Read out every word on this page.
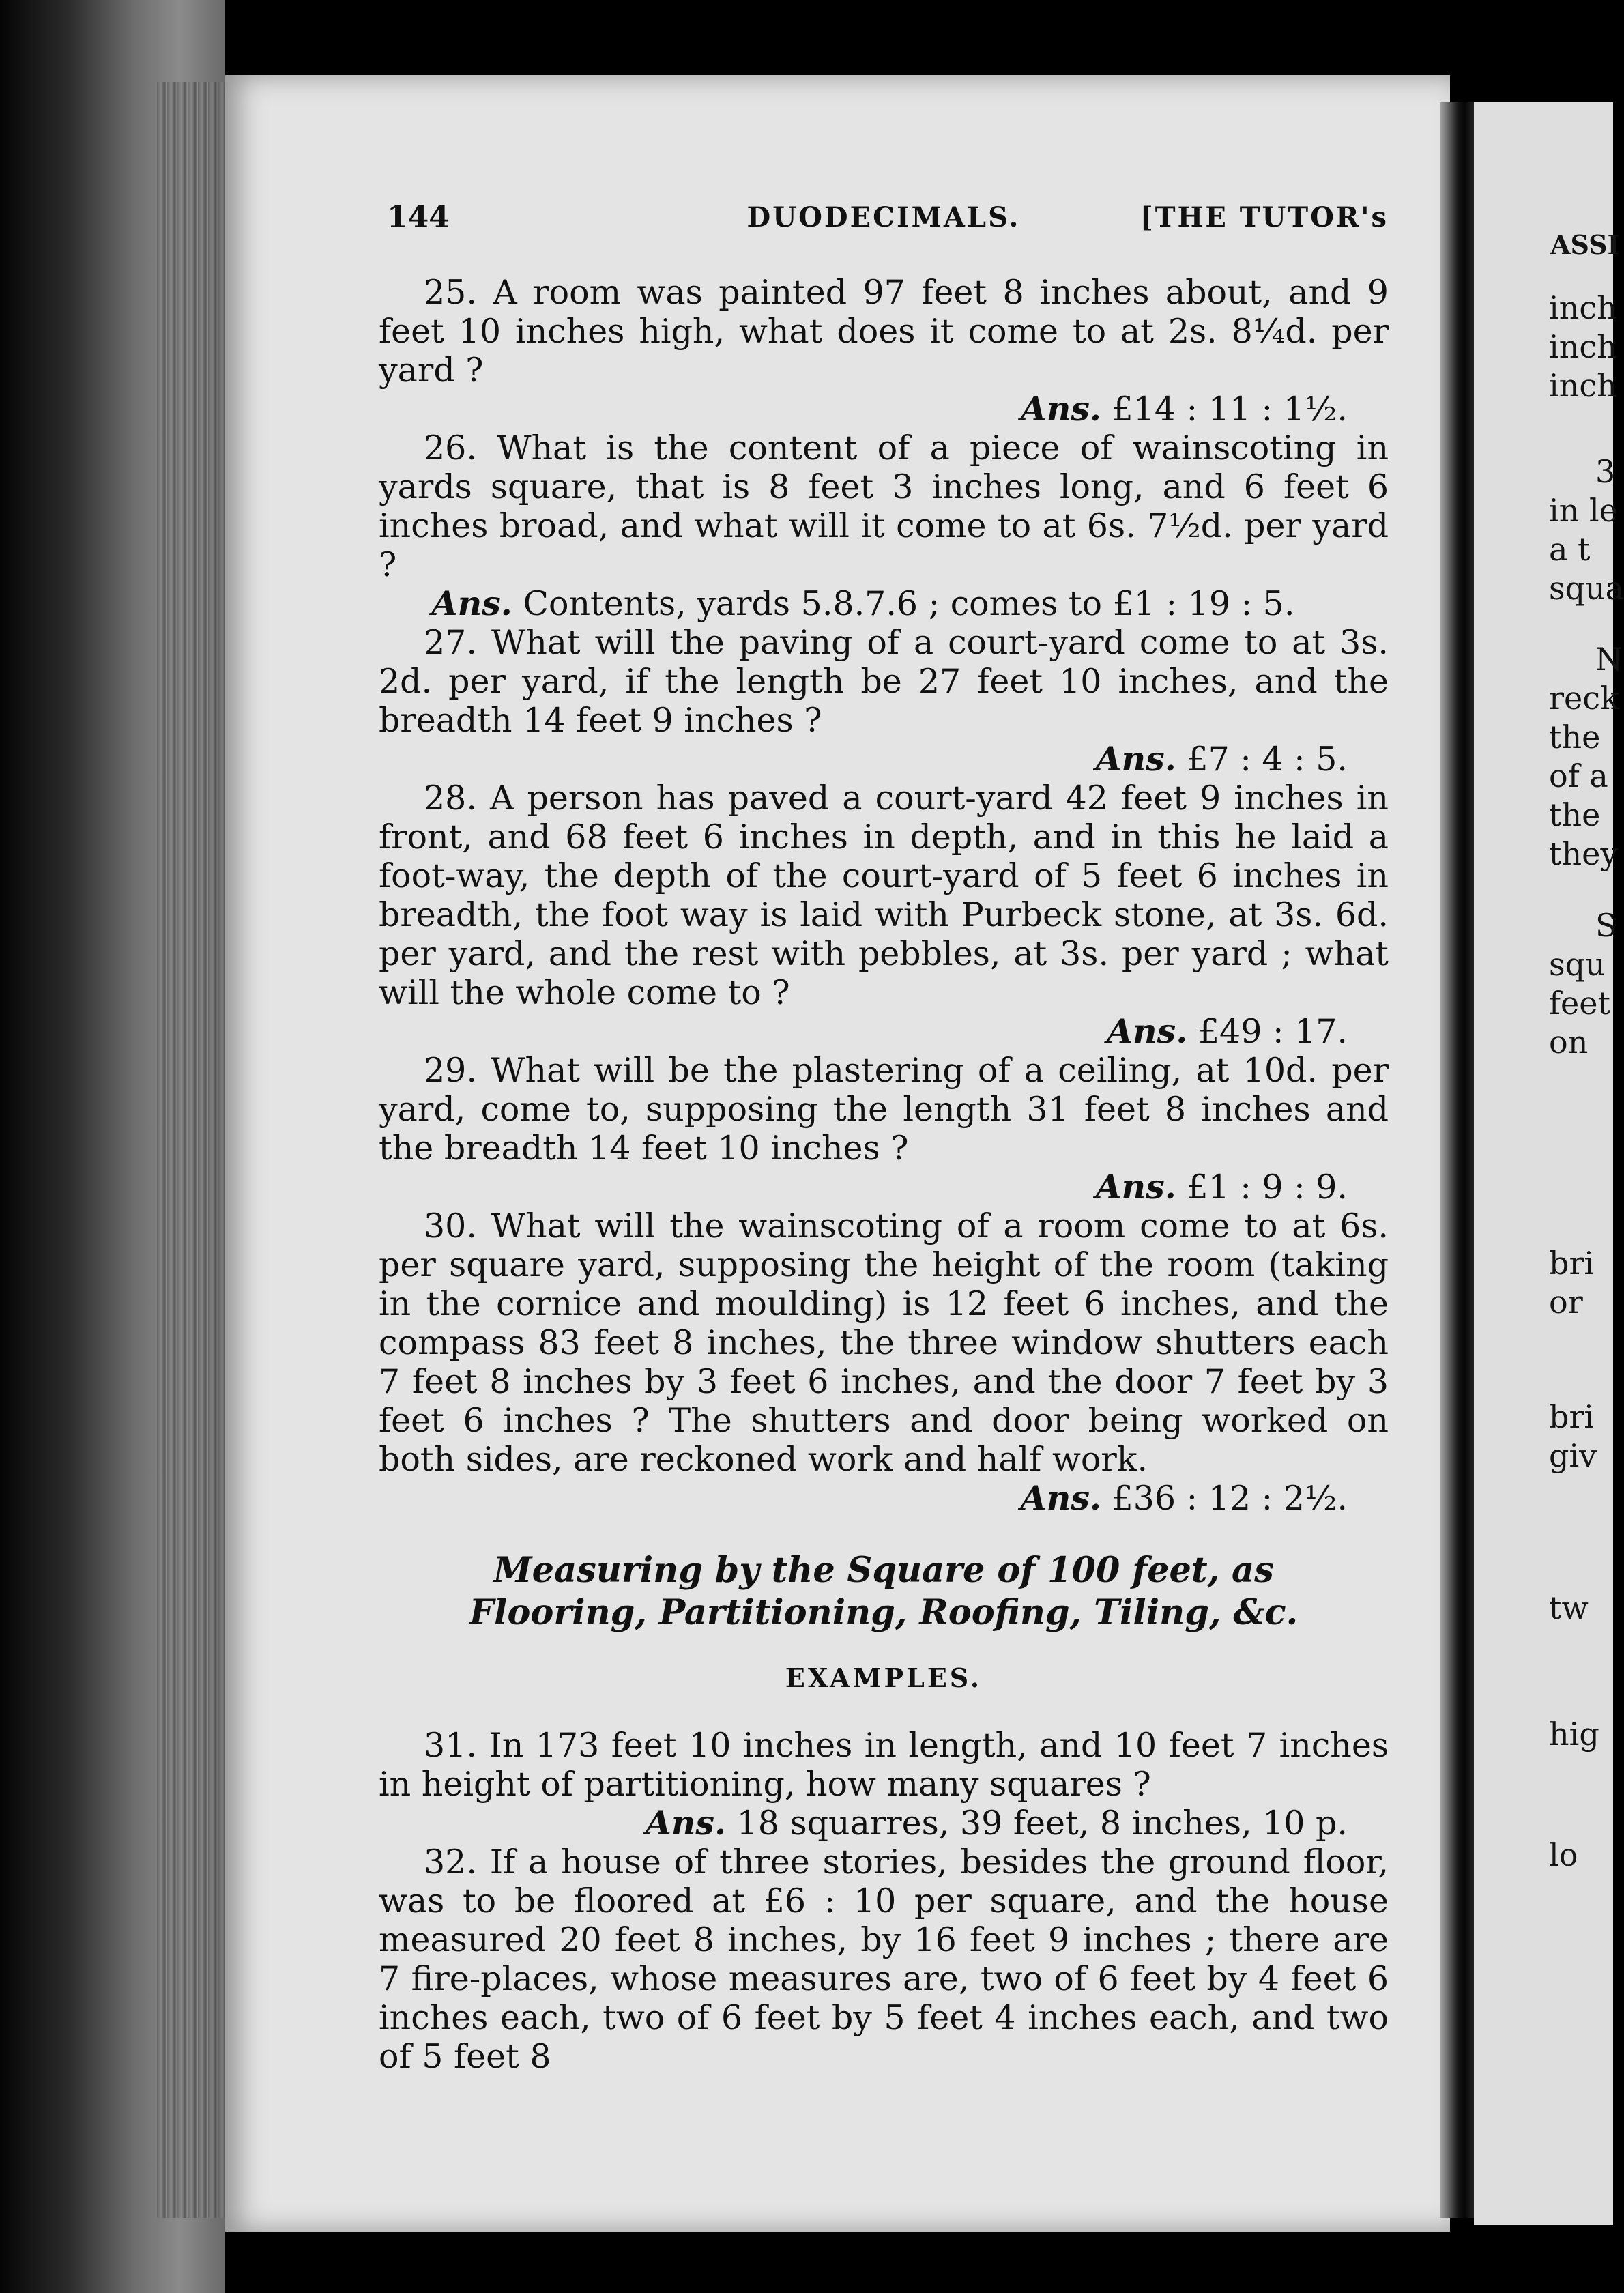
ASSI
inch
inch
inch
3
in le
a t
squa
N
reck
the
of a
the
they
S
squ
feet
on
bri
or
bri
giv
tw
hig
lo
144	DUODECIMALS.	[THE TUTOR's

25. A room was painted 97 feet 8 inches about, and 9 feet 10 inches high, what does it come to at 2s. 8¼d. per yard ?

Ans. £14 : 11 : 1½.

26. What is the content of a piece of wainscoting in yards square, that is 8 feet 3 inches long, and 6 feet 6 inches broad, and what will it come to at 6s. 7½d. per yard ?

Ans. Contents, yards 5.8.7.6 ; comes to £1 : 19 : 5.

27. What will the paving of a court-yard come to at 3s. 2d. per yard, if the length be 27 feet 10 inches, and the breadth 14 feet 9 inches ?

Ans. £7 : 4 : 5.

28. A person has paved a court-yard 42 feet 9 inches in front, and 68 feet 6 inches in depth, and in this he laid a foot-way, the depth of the court-yard of 5 feet 6 inches in breadth, the foot way is laid with Purbeck stone, at 3s. 6d. per yard, and the rest with pebbles, at 3s. per yard ; what will the whole come to ?

Ans. £49 : 17.

29. What will be the plastering of a ceiling, at 10d. per yard, come to, supposing the length 31 feet 8 inches and the breadth 14 feet 10 inches ?

Ans. £1 : 9 : 9.

30. What will the wainscoting of a room come to at 6s. per square yard, supposing the height of the room (taking in the cornice and moulding) is 12 feet 6 inches, and the compass 83 feet 8 inches, the three window shutters each 7 feet 8 inches by 3 feet 6 inches, and the door 7 feet by 3 feet 6 inches ? The shutters and door being worked on both sides, are reckoned work and half work.

Ans. £36 : 12 : 2½.

Measuring by the Square of 100 feet, as Flooring, Partitioning, Roofing, Tiling, &c.
EXAMPLES.

31. In 173 feet 10 inches in length, and 10 feet 7 inches in height of partitioning, how many squares ?

Ans. 18 squarres, 39 feet, 8 inches, 10 p.

32. If a house of three stories, besides the ground floor, was to be floored at £6 : 10 per square, and the house measured 20 feet 8 inches, by 16 feet 9 inches ; there are 7 fire-places, whose measures are, two of 6 feet by 4 feet 6 inches each, two of 6 feet by 5 feet 4 inches each, and two of 5 feet 8
